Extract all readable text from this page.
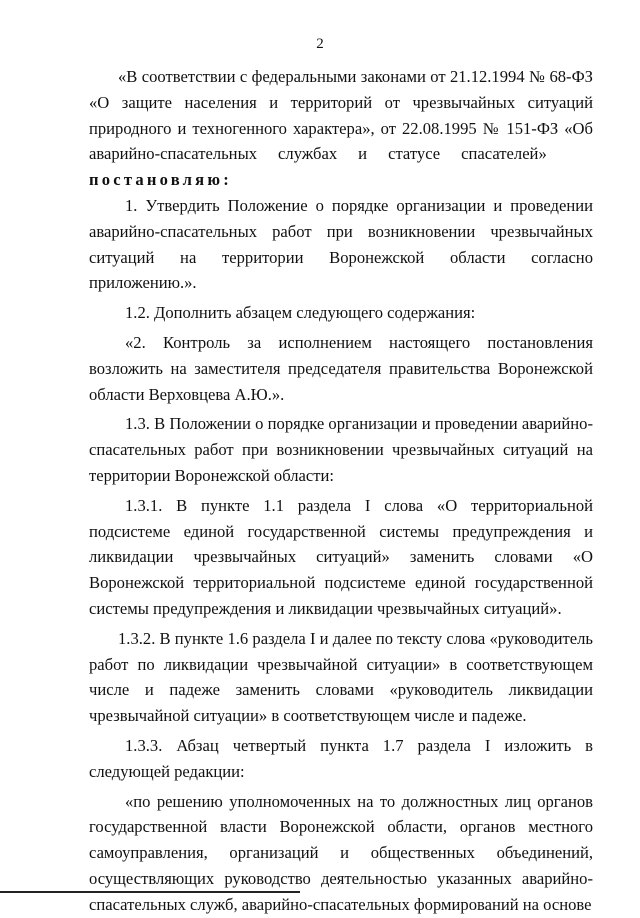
2

«В соответствии с федеральными законами от 21.12.1994 № 68-ФЗ «О защите населения и территорий от чрезвычайных ситуаций природного и техногенного характера», от 22.08.1995 № 151-ФЗ «Об аварийно-спасательных службах и статусе спасателей»    постановляю:

1. Утвердить Положение о порядке организации и проведении аварийно-спасательных работ при возникновении чрезвычайных ситуаций на территории Воронежской области согласно приложению.».

1.2. Дополнить абзацем следующего содержания:

«2. Контроль за исполнением настоящего постановления возложить на заместителя председателя правительства Воронежской области Верховцева А.Ю.».

1.3. В Положении о порядке организации и проведении аварийно-спасательных работ при возникновении чрезвычайных ситуаций на территории Воронежской области:

1.3.1. В пункте 1.1 раздела I слова «О территориальной подсистеме единой государственной системы предупреждения и ликвидации чрезвычайных ситуаций» заменить словами «О Воронежской территориальной подсистеме единой государственной системы предупреждения и ликвидации чрезвычайных ситуаций».

1.3.2. В пункте 1.6 раздела I и далее по тексту слова «руководитель работ по ликвидации чрезвычайной ситуации» в соответствующем числе и падеже заменить словами «руководитель ликвидации чрезвычайной ситуации» в соответствующем числе и падеже.

1.3.3. Абзац четвертый пункта 1.7 раздела I изложить в следующей редакции:

«по решению уполномоченных на то должностных лиц органов государственной власти Воронежской области, органов местного самоуправления, организаций и общественных объединений, осуществляющих руководство деятельностью указанных аварийно-спасательных служб, аварийно-спасательных формирований на основе
